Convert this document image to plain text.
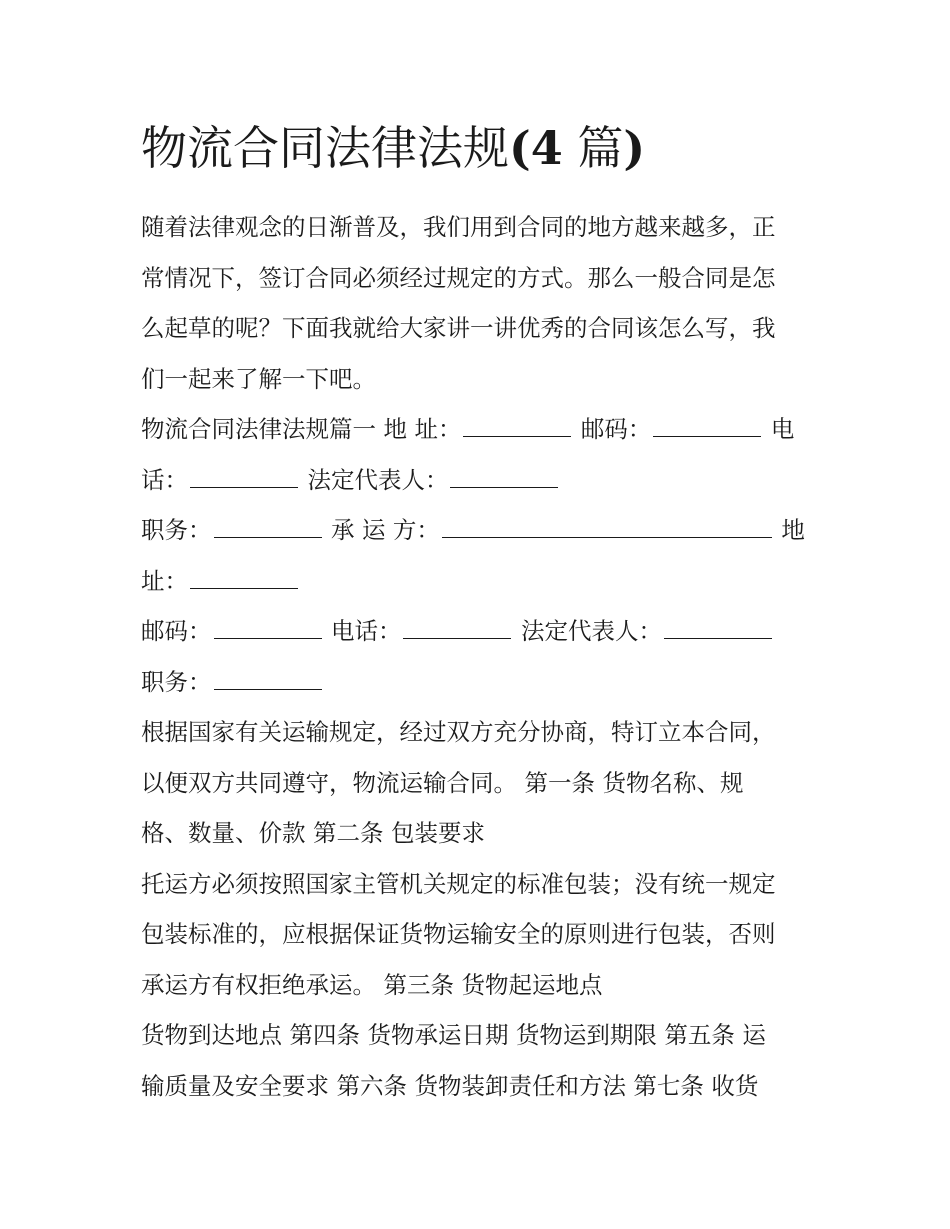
物流合同法律法规(4 篇)

随着法律观念的日渐普及，我们用到合同的地方越来越多，正
常情况下，签订合同必须经过规定的方式。那么一般合同是怎
么起草的呢？下面我就给大家讲一讲优秀的合同该怎么写，我
们一起来了解一下吧。

物流合同法律法规篇一 地 址：	邮码：	电
话：	法定代表人：
职务：	承 运 方：	地
址：
邮码：	电话：	法定代表人：
职务：

根据国家有关运输规定，经过双方充分协商，特订立本合同，
以便双方共同遵守，物流运输合同。 第一条 货物名称、规
格、数量、价款 第二条 包装要求

托运方必须按照国家主管机关规定的标准包装；没有统一规定
包装标准的，应根据保证货物运输安全的原则进行包装，否则
承运方有权拒绝承运。 第三条 货物起运地点

货物到达地点 第四条 货物承运日期 货物运到期限 第五条 运
输质量及安全要求 第六条 货物装卸责任和方法 第七条 收货
